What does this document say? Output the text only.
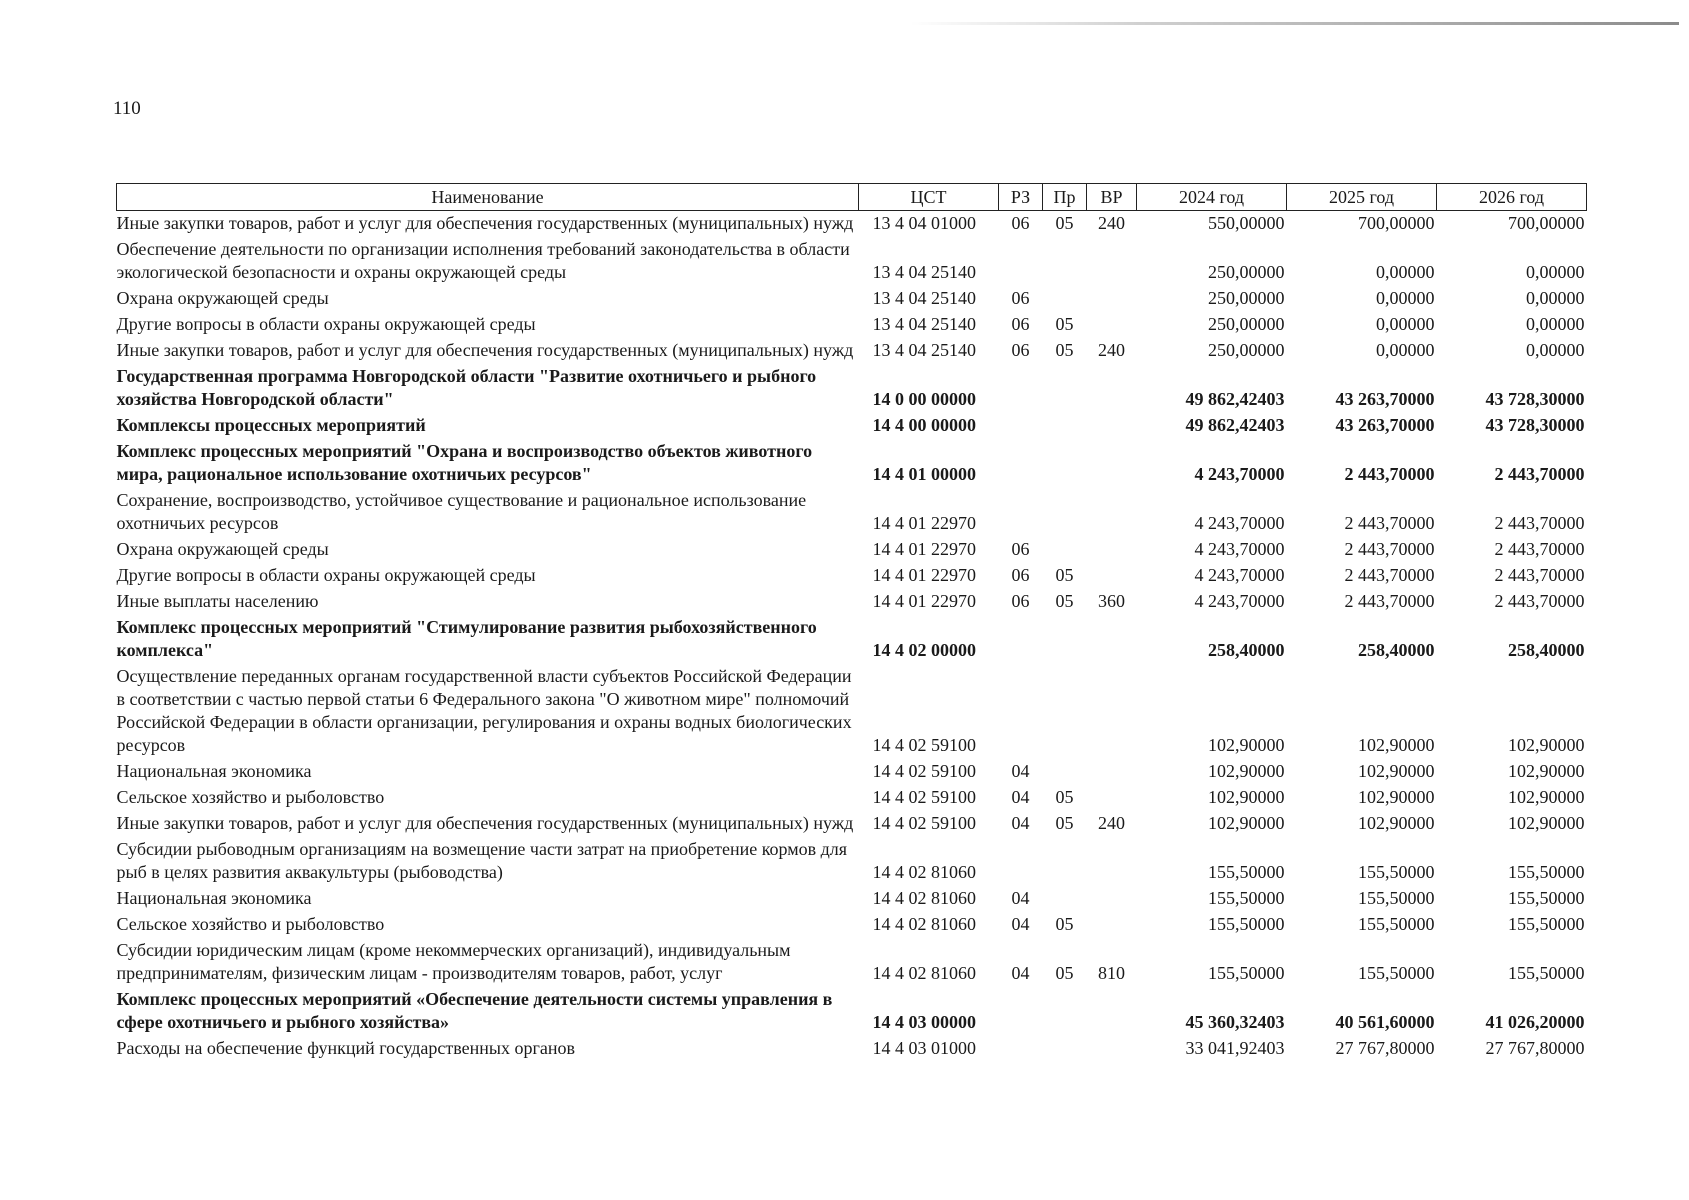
110
Наименование	ЦСТ	РЗ	Пр	ВР	2024 год	2025 год	2026 год
Иные закупки товаров, работ и услуг для обеспечения государственных (муниципальных) нужд	13 4 04 01000	06	05	240	550,00000	700,00000	700,00000
Обеспечение деятельности по организации исполнения требований законодательства в области экологической безопасности и охраны окружающей среды	13 4 04 25140				250,00000	0,00000	0,00000
Охрана окружающей среды	13 4 04 25140	06			250,00000	0,00000	0,00000
Другие вопросы в области охраны окружающей среды	13 4 04 25140	06	05		250,00000	0,00000	0,00000
Иные закупки товаров, работ и услуг для обеспечения государственных (муниципальных) нужд	13 4 04 25140	06	05	240	250,00000	0,00000	0,00000
Государственная программа Новгородской области "Развитие охотничьего и рыбного хозяйства Новгородской области"	14 0 00 00000				49 862,42403	43 263,70000	43 728,30000
Комплексы процессных мероприятий	14 4 00 00000				49 862,42403	43 263,70000	43 728,30000
Комплекс процессных мероприятий "Охрана и воспроизводство объектов животного мира, рациональное использование охотничьих ресурсов"	14 4 01 00000				4 243,70000	2 443,70000	2 443,70000
Сохранение, воспроизводство, устойчивое существование и рациональное использование охотничьих ресурсов	14 4 01 22970				4 243,70000	2 443,70000	2 443,70000
Охрана окружающей среды	14 4 01 22970	06			4 243,70000	2 443,70000	2 443,70000
Другие вопросы в области охраны окружающей среды	14 4 01 22970	06	05		4 243,70000	2 443,70000	2 443,70000
Иные выплаты населению	14 4 01 22970	06	05	360	4 243,70000	2 443,70000	2 443,70000
Комплекс процессных мероприятий "Стимулирование развития рыбохозяйственного комплекса"	14 4 02 00000				258,40000	258,40000	258,40000
Осуществление переданных органам государственной власти субъектов Российской Федерации в соответствии с частью первой статьи 6 Федерального закона "О животном мире" полномочий Российской Федерации в области организации, регулирования и охраны водных биологических ресурсов	14 4 02 59100				102,90000	102,90000	102,90000
Национальная экономика	14 4 02 59100	04			102,90000	102,90000	102,90000
Сельское хозяйство и рыболовство	14 4 02 59100	04	05		102,90000	102,90000	102,90000
Иные закупки товаров, работ и услуг для обеспечения государственных (муниципальных) нужд	14 4 02 59100	04	05	240	102,90000	102,90000	102,90000
Субсидии рыбоводным организациям на возмещение части затрат на приобретение кормов для рыб в целях развития аквакультуры (рыбоводства)	14 4 02 81060				155,50000	155,50000	155,50000
Национальная экономика	14 4 02 81060	04			155,50000	155,50000	155,50000
Сельское хозяйство и рыболовство	14 4 02 81060	04	05		155,50000	155,50000	155,50000
Субсидии юридическим лицам (кроме некоммерческих организаций), индивидуальным предпринимателям, физическим лицам - производителям товаров, работ, услуг	14 4 02 81060	04	05	810	155,50000	155,50000	155,50000
Комплекс процессных мероприятий «Обеспечение деятельности системы управления в сфере охотничьего и рыбного хозяйства»	14 4 03 00000				45 360,32403	40 561,60000	41 026,20000
Расходы на обеспечение функций государственных органов	14 4 03 01000				33 041,92403	27 767,80000	27 767,80000
